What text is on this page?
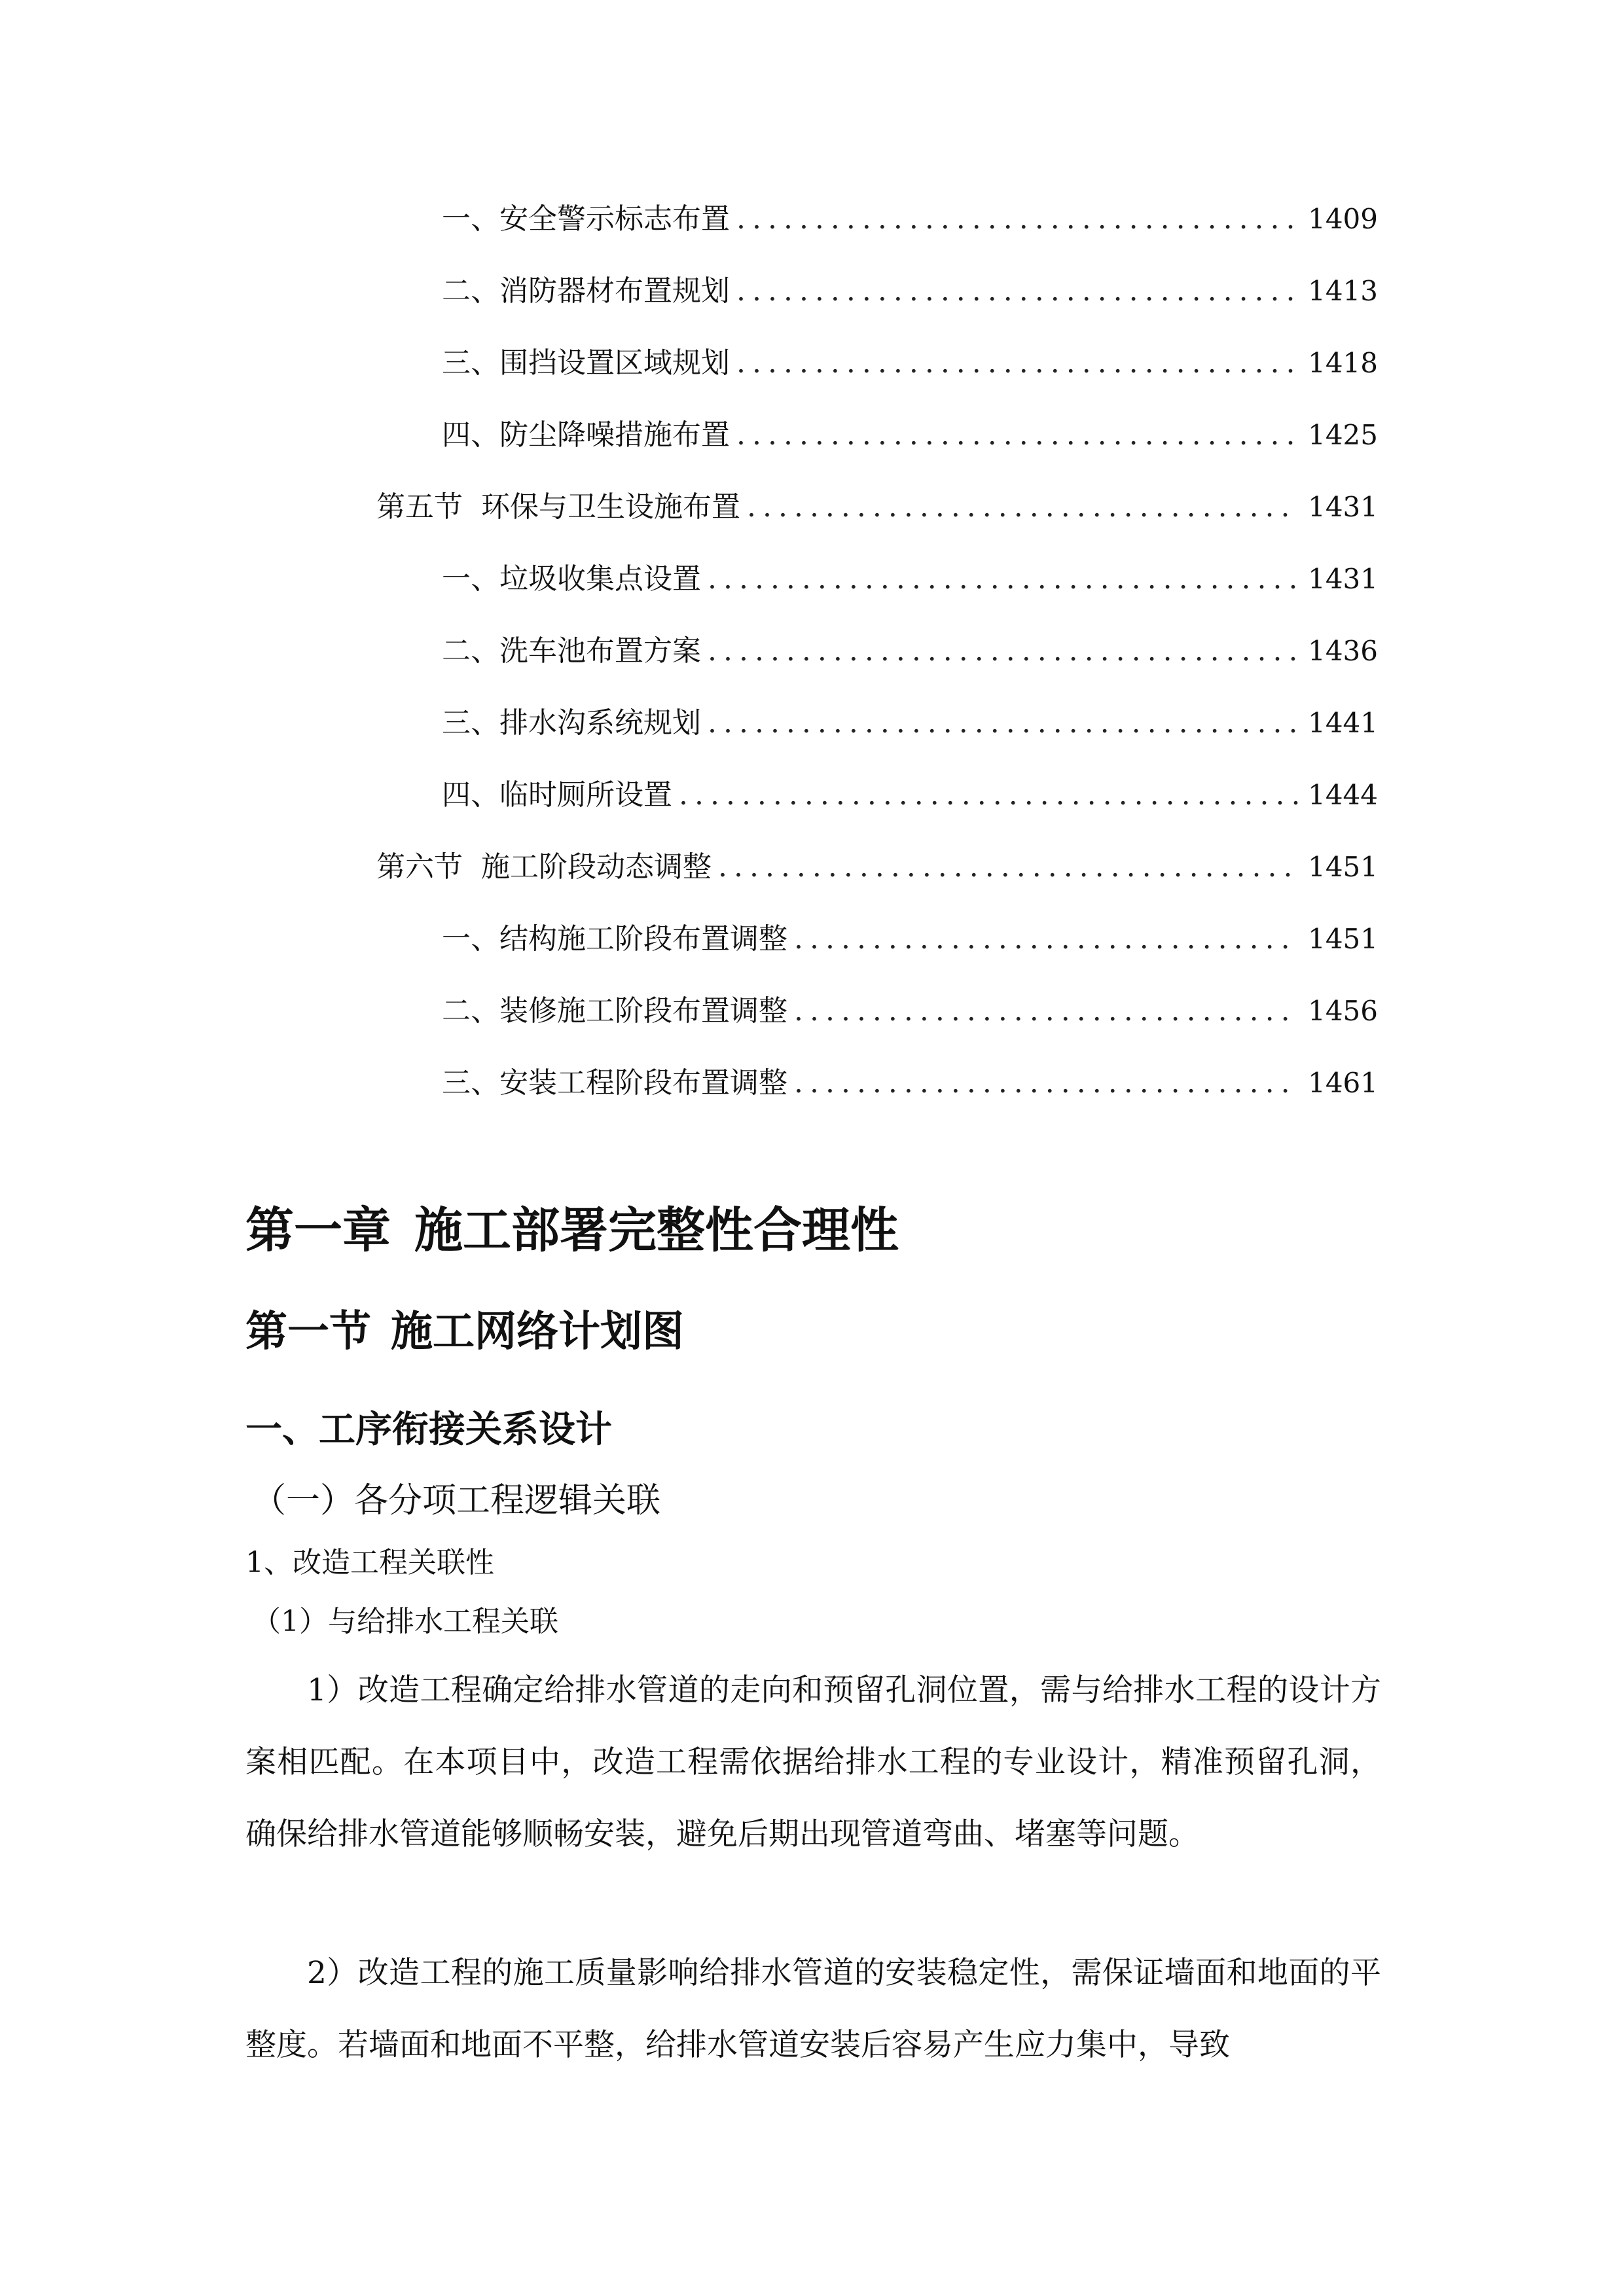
一、 安全警示标志布置 .....	1409
二、 消防器材布置规划 .....	1413
三、 围挡设置区域规划 .....	1418
四、 防尘降噪措施布置 .....	1425
第五节 环保与卫生设施布置 .....	1431
一、 垃圾收集点设置 .....	1431
二、 洗车池布置方案 .....	1436
三、 排水沟系统规划 .....	1441
四、 临时厕所设置 .....	1444
第六节 施工阶段动态调整 .....	1451
一、 结构施工阶段布置调整 .....	1451
二、 装修施工阶段布置调整 .....	1456
三、 安装工程阶段布置调整 .....	1461
第一章 施工部署完整性合理性
第一节 施工网络计划图
一、工序衔接关系设计
（一）各分项工程逻辑关联
1、改造工程关联性
（1）与给排水工程关联

1）改造工程确定给排水管道的走向和预留孔洞位置，需与给排水工程的设计方案相匹配。在本项目中，改造工程需依据给排水工程的专业设计，精准预留孔洞，确保给排水管道能够顺畅安装，避免后期出现管道弯曲、堵塞等问题。

2）改造工程的施工质量影响给排水管道的安装稳定性，需保证墙面和地面的平整度。若墙面和地面不平整，给排水管道安装后容易产生应力集中，导致
